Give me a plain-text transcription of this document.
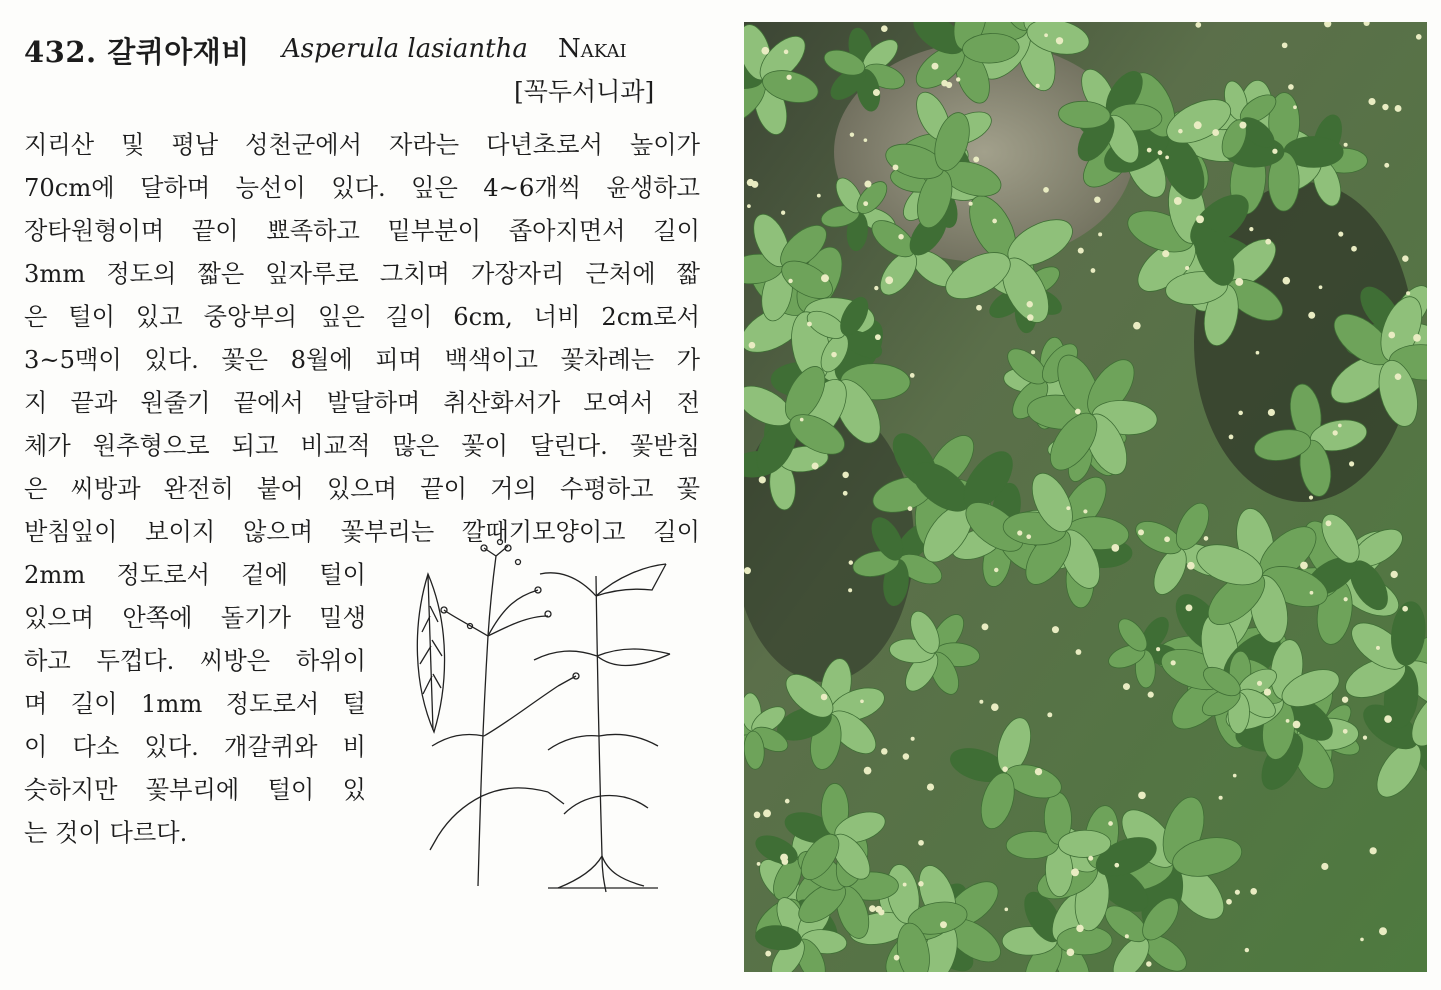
432. 갈퀴아재비 Asperula lasiantha Nakai
[꼭두서니과]
지리산 및 평남 성천군에서 자라는 다년초로서 높이가
70cm에 달하며 능선이 있다. 잎은 4~6개씩 윤생하고
장타원형이며 끝이 뾰족하고 밑부분이 좁아지면서 길이
3mm 정도의 짧은 잎자루로 그치며 가장자리 근처에 짧
은 털이 있고 중앙부의 잎은 길이 6cm, 너비 2cm로서
3~5맥이 있다. 꽃은 8월에 피며 백색이고 꽃차례는 가
지 끝과 원줄기 끝에서 발달하며 취산화서가 모여서 전
체가 원추형으로 되고 비교적 많은 꽃이 달린다. 꽃받침
은 씨방과 완전히 붙어 있으며 끝이 거의 수평하고 꽃
받침잎이 보이지 않으며 꽃부리는 깔때기모양이고 길이
2mm 정도로서 겉에 털이
있으며 안쪽에 돌기가 밀생
하고 두껍다. 씨방은 하위이
며 길이 1mm 정도로서 털
이 다소 있다. 개갈퀴와 비
슷하지만 꽃부리에 털이 있
는 것이 다르다.
